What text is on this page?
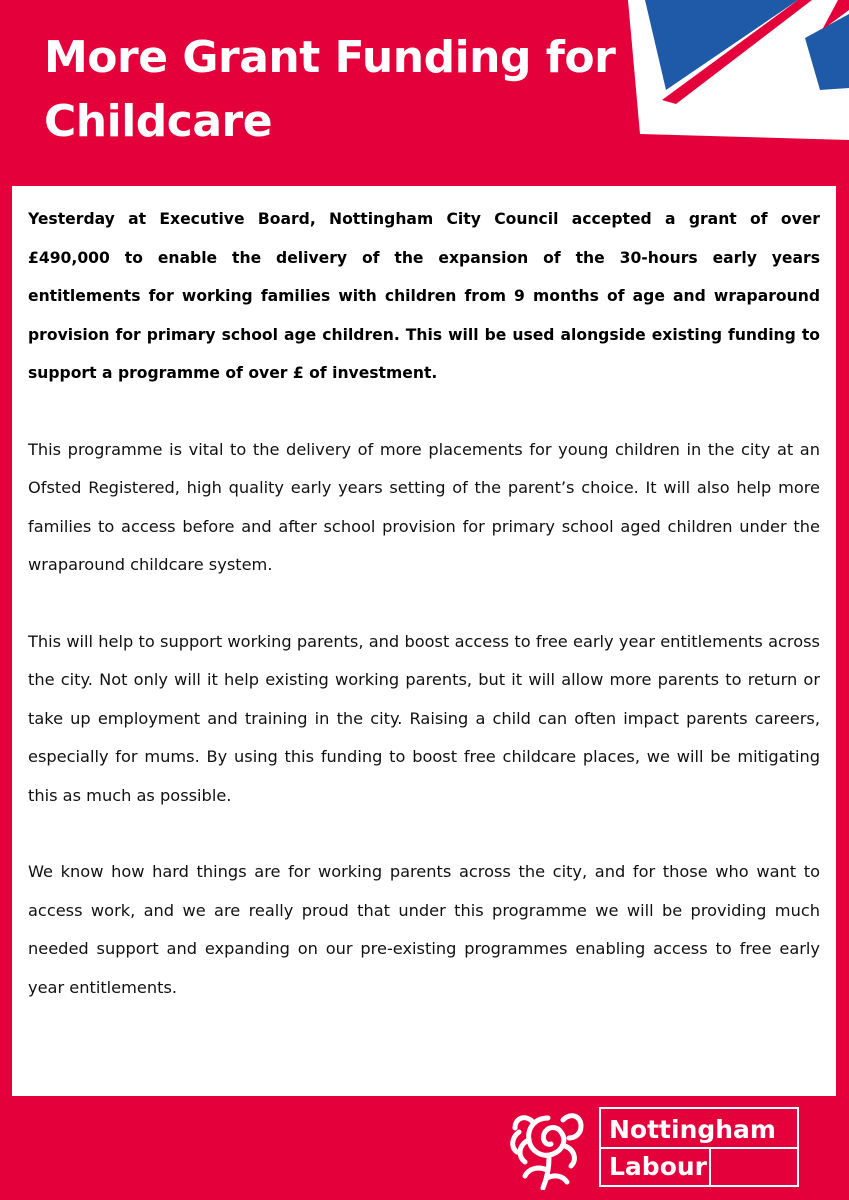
More Grant Funding for
Childcare

Yesterday at Executive Board, Nottingham City Council accepted a grant of over £490,000 to enable the delivery of the expansion of the 30-hours early years entitlements for working families with children from 9 months of age and wraparound provision for primary school age children. This will be used alongside existing funding to support a programme of over £ of investment.

This programme is vital to the delivery of more placements for young children in the city at an Ofsted Registered, high quality early years setting of the parent’s choice. It will also help more families to access before and after school provision for primary school aged children under the wraparound childcare system.

This will help to support working parents, and boost access to free early year entitlements across the city. Not only will it help existing working parents, but it will allow more parents to return or take up employment and training in the city. Raising a child can often impact parents careers, especially for mums. By using this funding to boost free childcare places, we will be mitigating this as much as possible.

We know how hard things are for working parents across the city, and for those who want to access work, and we are really proud that under this programme we will be providing much needed support and expanding on our pre-existing programmes enabling access to free early year entitlements.

Nottingham
Labour
